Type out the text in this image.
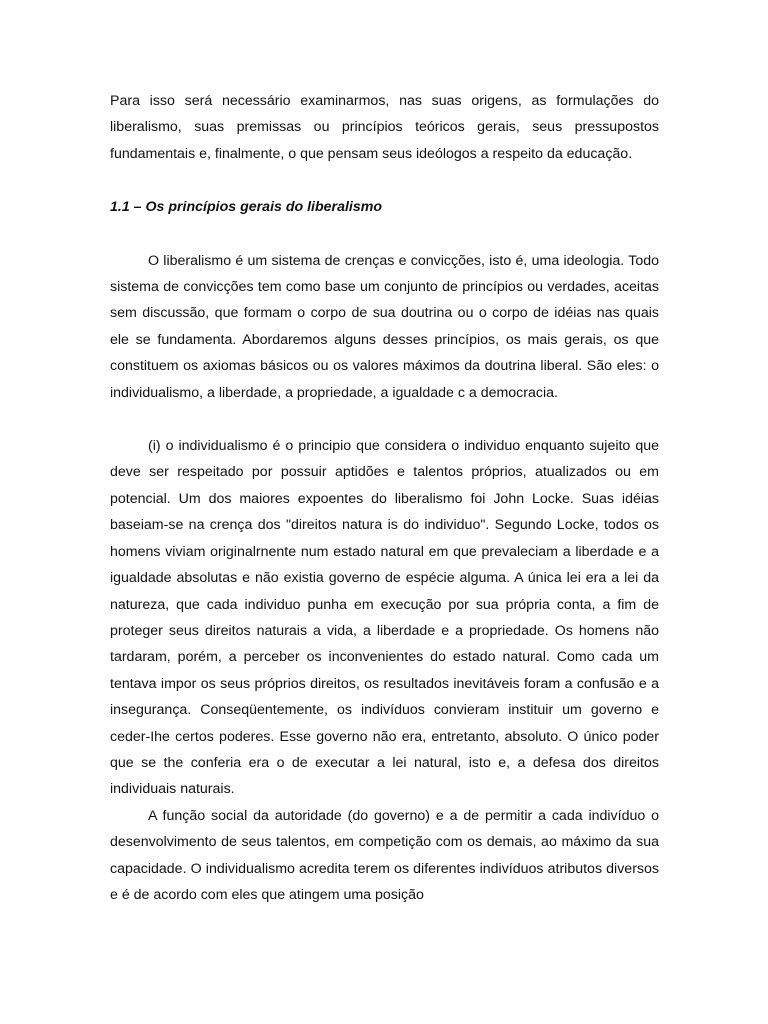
Para isso será necessário examinarmos, nas suas origens, as formulações do liberalismo, suas premissas ou princípios teóricos gerais, seus pressupostos fundamentais e, finalmente, o que pensam seus ideólogos a respeito da educação.

1.1 – Os princípios gerais do liberalismo

O liberalismo é um sistema de crenças e convicções, isto é, uma ideologia. Todo sistema de convicções tem como base um conjunto de princípios ou verdades, aceitas sem discussão, que formam o corpo de sua doutrina ou o corpo de idéias nas quais ele se fundamenta. Abordaremos alguns desses princípios, os mais gerais, os que constituem os axiomas básicos ou os valores máximos da doutrina liberal. São eles: o individualismo, a liberdade, a propriedade, a igualdade c a democracia.

(i) o individualismo é o principio que considera o individuo enquanto sujeito que deve ser respeitado por possuir aptidões e talentos próprios, atualizados ou em potencial. Um dos maiores expoentes do liberalismo foi John Locke. Suas idéias baseiam-se na crença dos "direitos natura is do individuo". Segundo Locke, todos os homens viviam originalrnente num estado natural em que prevaleciam a liberdade e a igualdade absolutas e não existia governo de espécie alguma. A única lei era a lei da natureza, que cada individuo punha em execução por sua própria conta, a fim de proteger seus direitos naturais a vida, a liberdade e a propriedade. Os homens não tardaram, porém, a perceber os inconvenientes do estado natural. Como cada um tentava impor os seus próprios direitos, os resultados inevitáveis foram a confusão e a insegurança. Conseqüentemente, os indivíduos convieram instituir um governo e ceder-Ihe certos poderes. Esse governo não era, entretanto, absoluto. O único poder que se the conferia era o de executar a lei natural, isto e, a defesa dos direitos individuais naturais.

A função social da autoridade (do governo) e a de permitir a cada indivíduo o desenvolvimento de seus talentos, em competição com os demais, ao máximo da sua capacidade. O individualismo acredita terem os diferentes indivíduos atributos diversos e é de acordo com eles que atingem uma posição
